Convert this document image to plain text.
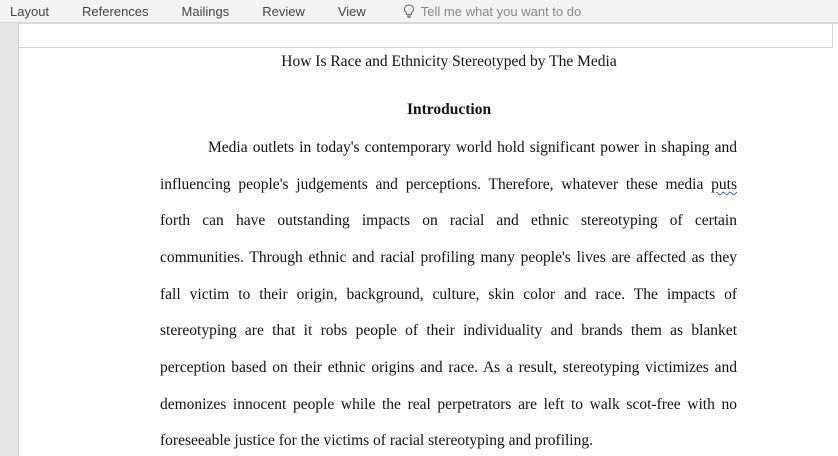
Layout	References	Mailings	Review	View	Tell me what you want to do
How Is Race and Ethnicity Stereotyped by The Media
Introduction
Media outlets in today's contemporary world hold significant power in shaping and
influencing people's judgements and perceptions. Therefore, whatever these media puts
forth can have outstanding impacts on racial and ethnic stereotyping of certain
communities. Through ethnic and racial profiling many people's lives are affected as they
fall victim to their origin, background, culture, skin color and race. The impacts of
stereotyping are that it robs people of their individuality and brands them as blanket
perception based on their ethnic origins and race. As a result, stereotyping victimizes and
demonizes innocent people while the real perpetrators are left to walk scot-free with no
foreseeable justice for the victims of racial stereotyping and profiling.
